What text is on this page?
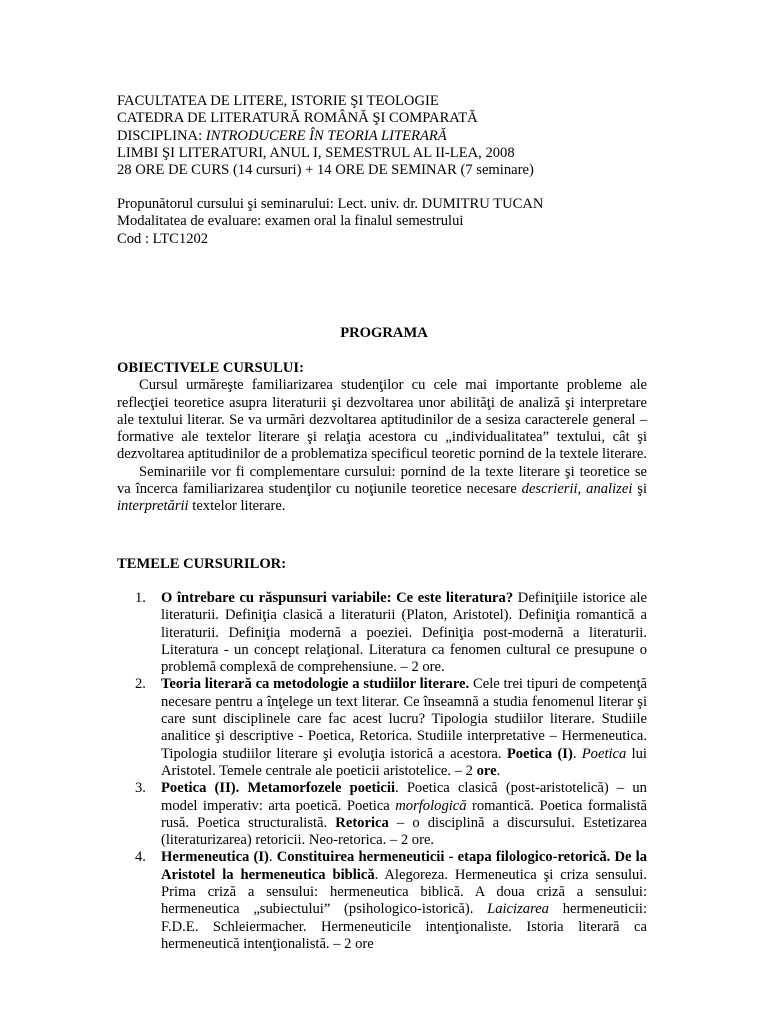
FACULTATEA DE LITERE, ISTORIE ŞI TEOLOGIE
CATEDRA DE LITERATURĂ ROMÂNĂ ŞI COMPARATĂ
DISCIPLINA: INTRODUCERE ÎN TEORIA LITERARĂ
LIMBI ŞI LITERATURI, ANUL I, SEMESTRUL AL II-LEA, 2008
28 ORE DE CURS (14 cursuri) + 14 ORE DE SEMINAR (7 seminare)
Propunătorul cursului şi seminarului: Lect. univ. dr. DUMITRU TUCAN
Modalitatea de evaluare: examen oral la finalul semestrului
Cod : LTC1202
PROGRAMA
OBIECTIVELE CURSULUI:
Cursul urmăreşte familiarizarea studenţilor cu cele mai importante probleme ale reflecţiei teoretice asupra literaturii şi dezvoltarea unor abilităţi de analiză şi interpretare ale textului literar. Se va urmări dezvoltarea aptitudinilor de a sesiza caracterele general – formative ale textelor literare şi relaţia acestora cu „individualitatea” textului, cât şi dezvoltarea aptitudinilor de a problematiza specificul teoretic pornind de la textele literare.
Seminariile vor fi complementare cursului: pornind de la texte literare şi teoretice se va încerca familiarizarea studenţilor cu noţiunile teoretice necesare descrierii, analizei şi interpretării textelor literare.
TEMELE CURSURILOR:
1. O întrebare cu răspunsuri variabile: Ce este literatura? Definiţiile istorice ale literaturii. Definiţia clasică a literaturii (Platon, Aristotel). Definiţia romantică a literaturii. Definiţia modernă a poeziei. Definiţia post-modernă a literaturii. Literatura - un concept relaţional. Literatura ca fenomen cultural ce presupune o problemă complexă de comprehensiune. – 2 ore.
2. Teoria literară ca metodologie a studiilor literare. Cele trei tipuri de competenţă necesare pentru a înţelege un text literar. Ce înseamnă a studia fenomenul literar şi care sunt disciplinele care fac acest lucru? Tipologia studiilor literare. Studiile analitice şi descriptive - Poetica, Retorica. Studiile interpretative – Hermeneutica. Tipologia studiilor literare şi evoluţia istorică a acestora. Poetica (I). Poetica lui Aristotel. Temele centrale ale poeticii aristotelice. – 2 ore.
3. Poetica (II). Metamorfozele poeticii. Poetica clasică (post-aristotelică) – un model imperativ: arta poetică. Poetica morfologică romantică. Poetica formalistă rusă. Poetica structuralistă. Retorica – o disciplină a discursului. Estetizarea (literaturizarea) retoricii. Neo-retorica. – 2 ore.
4. Hermeneutica (I). Constituirea hermeneuticii - etapa filologico-retorică. De la Aristotel la hermeneutica biblică. Alegoreza. Hermeneutica şi criza sensului. Prima criză a sensului: hermeneutica biblică. A doua criză a sensului: hermeneutica „subiectului” (psihologico-istorică). Laicizarea hermeneuticii: F.D.E. Schleiermacher. Hermeneuticile intenţionaliste. Istoria literară ca hermeneutică intenţionalistă. – 2 ore
